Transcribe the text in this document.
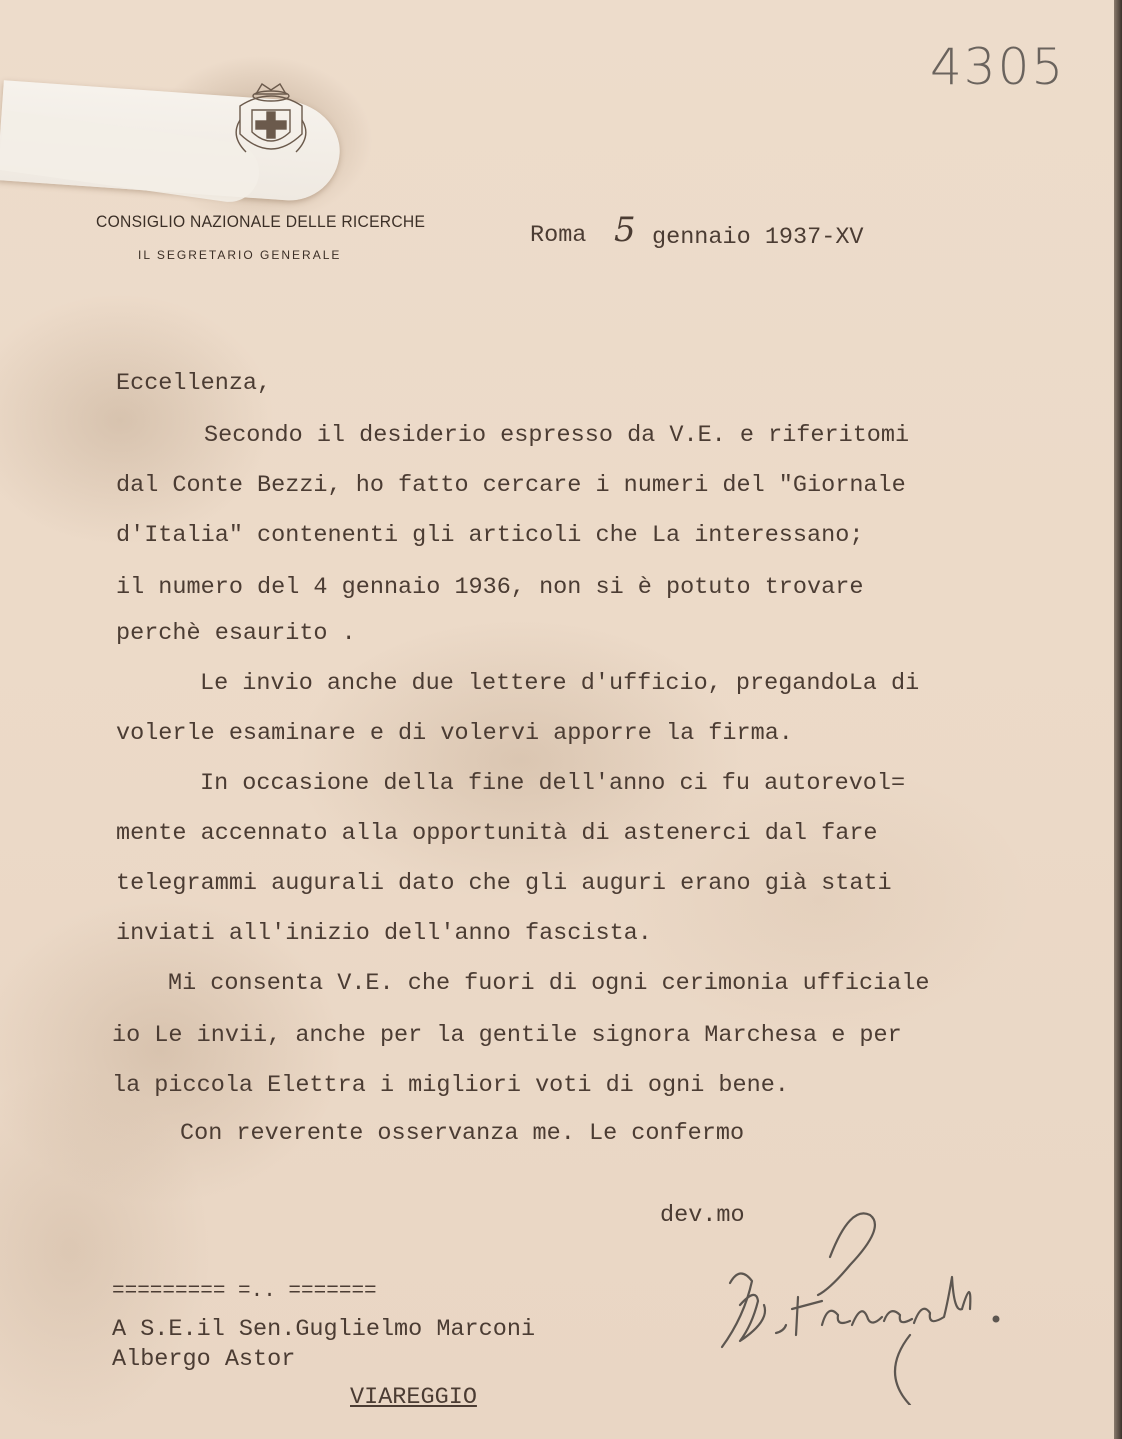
CONSIGLIO NAZIONALE DELLE RICERCHE
IL SEGRETARIO GENERALE
4305
Roma 5 gennaio 1937-XV
Eccellenza,
Secondo il desiderio espresso da V.E. e riferitomi
dal Conte Bezzi, ho fatto cercare i numeri del "Giornale
d'Italia" contenenti gli articoli che La interessano;
il numero del 4 gennaio 1936, non si è potuto trovare
perchè esaurito .
Le invio anche due lettere d'ufficio, pregandoLa di
volerle esaminare e di volervi apporre la firma.
In occasione della fine dell'anno ci fu autorevol=
mente accennato alla opportunità di astenerci dal fare
telegrammi augurali dato che gli auguri erano già stati
inviati all'inizio dell'anno fascista.
Mi consenta V.E. che fuori di ogni cerimonia ufficiale
io Le invii, anche per la gentile signora Marchesa e per
la piccola Elettra i migliori voti di ogni bene.
Con reverente osservanza me. Le confermo
dev.mo
========= =.. =======
A S.E.il Sen.Guglielmo Marconi
Albergo Astor
VIAREGGIO
